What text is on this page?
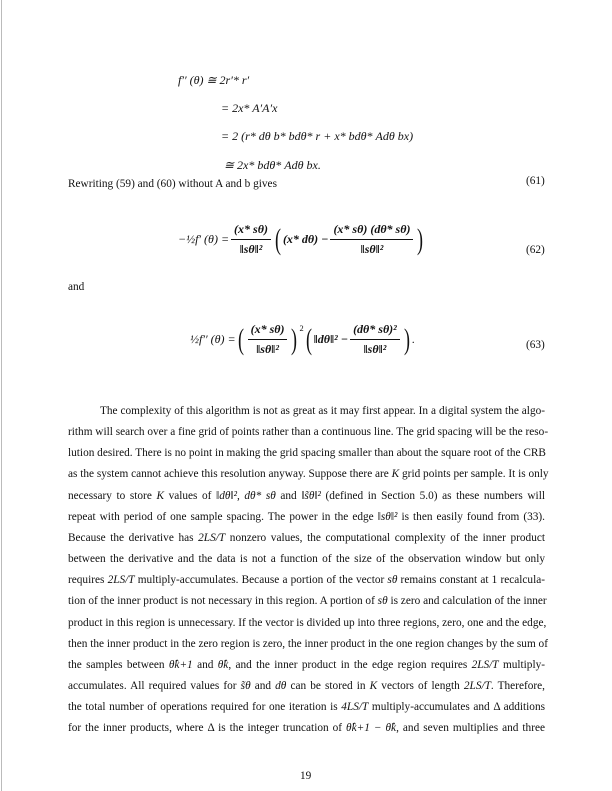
f′′ (θ) ≅ 2r′* r′
= 2x* A′A′x
= 2 (r* dθ b* bdθ* r + x* bdθ* Adθ bx)
≅ 2x* bdθ* Adθ bx.
(61)
Rewriting (59) and (60) without A and b gives
−½f′ $(\theta) = \frac{(x* s\theta)}{\text{‖sθ‖²}}$ ( (x* $d\theta) - \frac{(x* s\theta) (d\theta* s\theta)}{\text{‖sθ‖²}}$ )	(62)
and
½f′′ (θ) = ( $\frac{(x* s\theta)}{\text{‖sθ‖²}}$ ) 2 ( ‖dθ‖² − $\frac{\text{(dθ* sθ)²}}{\text{‖sθ‖²}}$ ) .	(63)
The complexity of this algorithm is not as great as it may first appear. In a digital system the algo-
rithm will search over a fine grid of points rather than a continuous line. The grid spacing will be the reso-
lution desired. There is no point in making the grid spacing smaller than about the square root of the CRB
as the system cannot achieve this resolution anyway. Suppose there are K grid points per sample. It is only
necessary to store K values of ‖dθ‖², dθ* sθ and ‖s̃θ‖² (defined in Section 5.0) as these numbers will
repeat with period of one sample spacing. The power in the edge ‖sθ‖² is then easily found from (33).
Because the derivative has 2LS/T nonzero values, the computational complexity of the inner product
between the derivative and the data is not a function of the size of the observation window but only
requires 2LS/T multiply-accumulates. Because a portion of the vector sθ remains constant at 1 recalcula-
tion of the inner product is not necessary in this region. A portion of sθ is zero and calculation of the inner
product in this region is unnecessary. If the vector is divided up into three regions, zero, one and the edge,
then the inner product in the zero region is zero, the inner product in the one region changes by the sum of
the samples between θ̂k+1 and θ̂k, and the inner product in the edge region requires 2LS/T multiply-
accumulates. All required values for s̃θ and dθ can be stored in K vectors of length 2LS/T. Therefore,
the total number of operations required for one iteration is 4LS/T multiply-accumulates and Δ additions
for the inner products, where Δ is the integer truncation of θ̂k+1 − θ̂k, and seven multiplies and three
19
